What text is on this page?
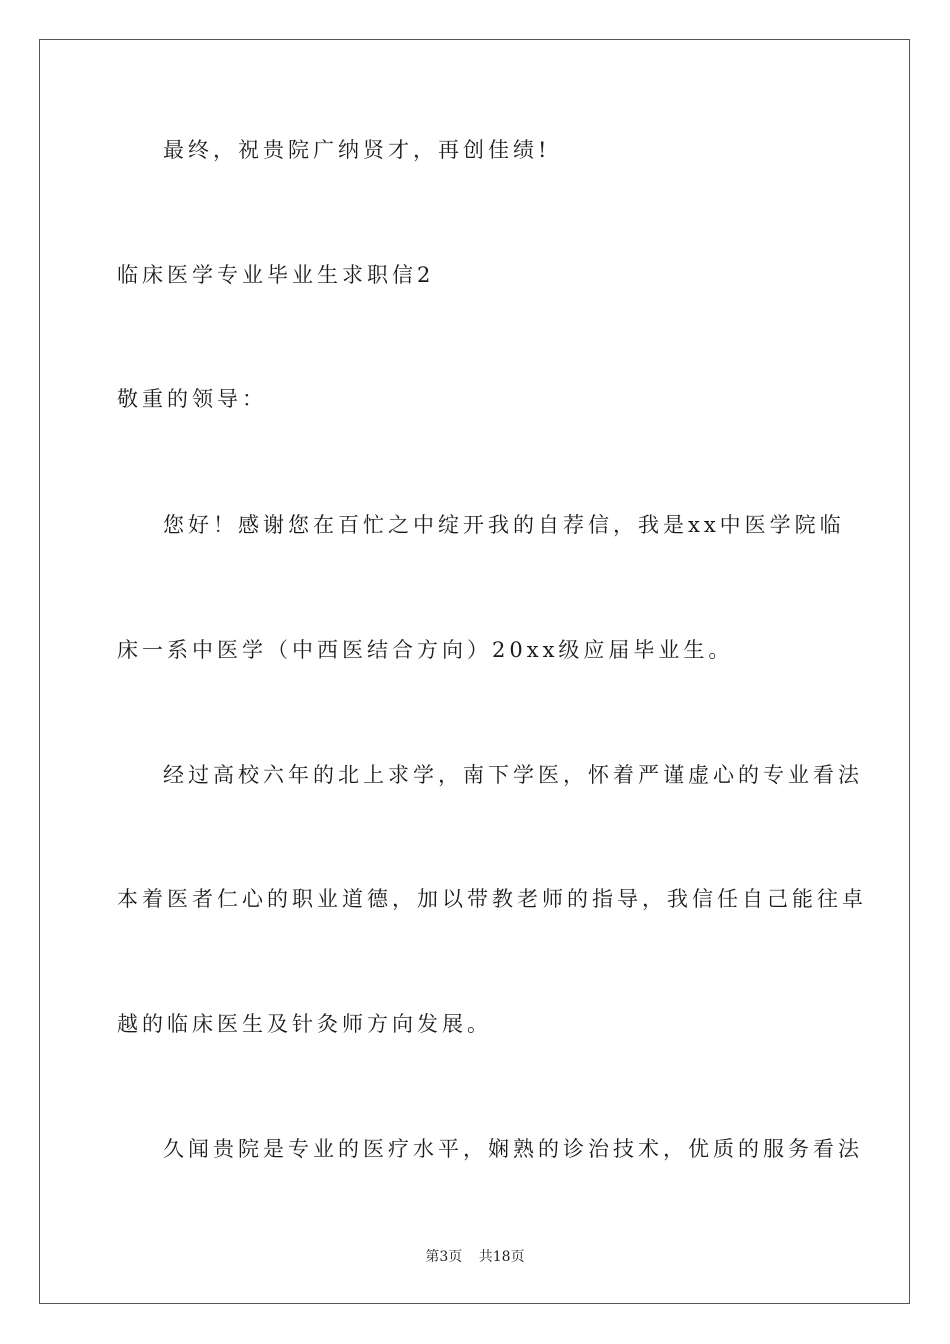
最终，祝贵院广纳贤才，再创佳绩!
临床医学专业毕业生求职信2
敬重的领导：
您好！感谢您在百忙之中绽开我的自荐信，我是xx中医学院临
床一系中医学（中西医结合方向）20xx级应届毕业生。
经过高校六年的北上求学，南下学医，怀着严谨虚心的专业看法
本着医者仁心的职业道德，加以带教老师的指导，我信任自己能往卓
越的临床医生及针灸师方向发展。
久闻贵院是专业的医疗水平，娴熟的诊治技术，优质的服务看法
第3页 共18页
